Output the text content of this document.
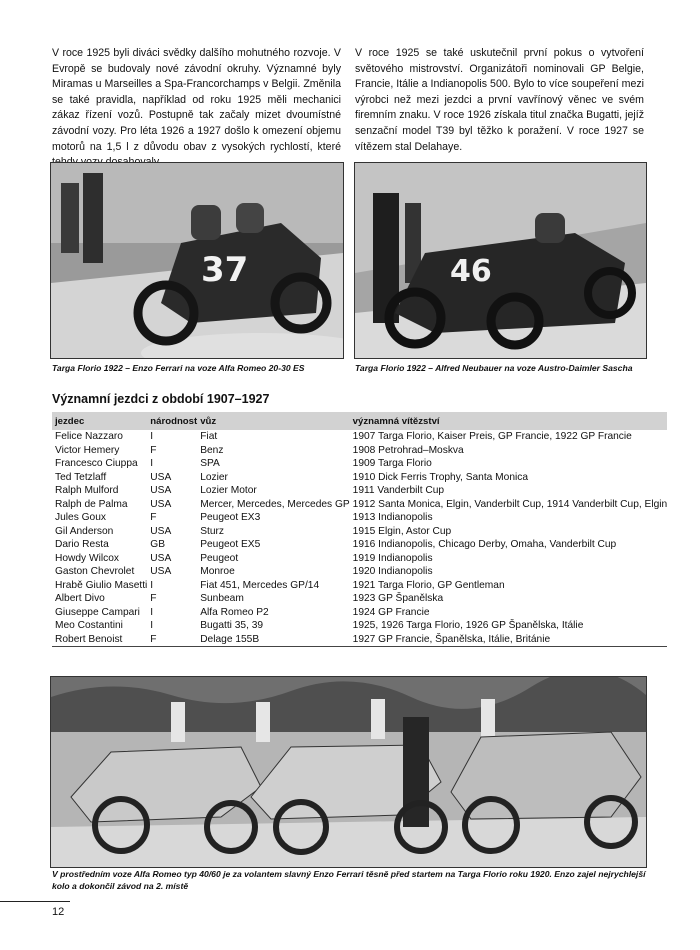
V roce 1925 byli diváci svědky dalšího mohutného rozvoje. V Evropě se budovaly nové závodní okruhy. Významné byly Miramas u Marseilles a Spa-Francorchamps v Belgii. Změnila se také pravidla, například od roku 1925 měli mechanici zákaz řízení vozů. Postupně tak začaly mizet dvoumístné závodní vozy. Pro léta 1926 a 1927 došlo k omezení objemu motorů na 1,5 l z důvodu obav z vysokých rychlostí, které
V roce 1925 se také uskutečnil první pokus o vytvoření světového mistrovství. Organizátoři nominovali GP Belgie, Francie, Itálie a Indianopolis 500. Bylo to více soupeření mezi výrobci než mezi jezdci a první vavřínový věnec ve svém firemním znaku. V roce 1926 získala titul značka Bugatti, jejíž senzační model T39 byl těžko k poražení. V roce 1927 se vítězem stal Delahaye.
37
Targa Florio 1922 – Enzo Ferrari na voze Alfa Romeo 20-30 ES
46
Targa Florio 1922 – Alfred Neubauer na voze Austro-Daimler Sascha
Významní jezdci z období 1907–1927
jezdec	národnost	vůz	významná vítězství
Felice Nazzaro	I	Fiat	1907 Targa Florio, Kaiser Preis, GP Francie, 1922 GP Francie
Victor Hemery	F	Benz	1908 Petrohrad–Moskva
Francesco Ciuppa	I	SPA	1909 Targa Florio
Ted Tetzlaff	USA	Lozier	1910 Dick Ferris Trophy, Santa Monica
Ralph Mulford	USA	Lozier Motor	1911 Vanderbilt Cup
Ralph de Palma	USA	Mercer, Mercedes, Mercedes GP	1912 Santa Monica, Elgin, Vanderbilt Cup, 1914 Vanderbilt Cup, Elgin
Jules Goux	F	Peugeot EX3	1913 Indianopolis
Gil Anderson	USA	Sturz	1915 Elgin, Astor Cup
Dario Resta	GB	Peugeot EX5	1916 Indianopolis, Chicago Derby, Omaha, Vanderbilt Cup
Howdy Wilcox	USA	Peugeot	1919 Indianopolis
Gaston Chevrolet	USA	Monroe	1920 Indianopolis
Hrabě Giulio Masetti	I	Fiat 451, Mercedes GP/14	1921 Targa Florio, GP Gentleman
Albert Divo	F	Sunbeam	1923 GP Španělska
Giuseppe Campari	I	Alfa Romeo P2	1924 GP Francie
Meo Costantini	I	Bugatti 35, 39	1925, 1926 Targa Florio, 1926 GP Španělska, Itálie
Robert Benoist	F	Delage 155B	1927 GP Francie, Španělska, Itálie, Británie
V prostředním voze Alfa Romeo typ 40/60 je za volantem slavný Enzo Ferrari těsně před startem na Targa Florio roku 1920. Enzo zajel nejrychlejší kolo a dokončil závod na 2. místě
12
